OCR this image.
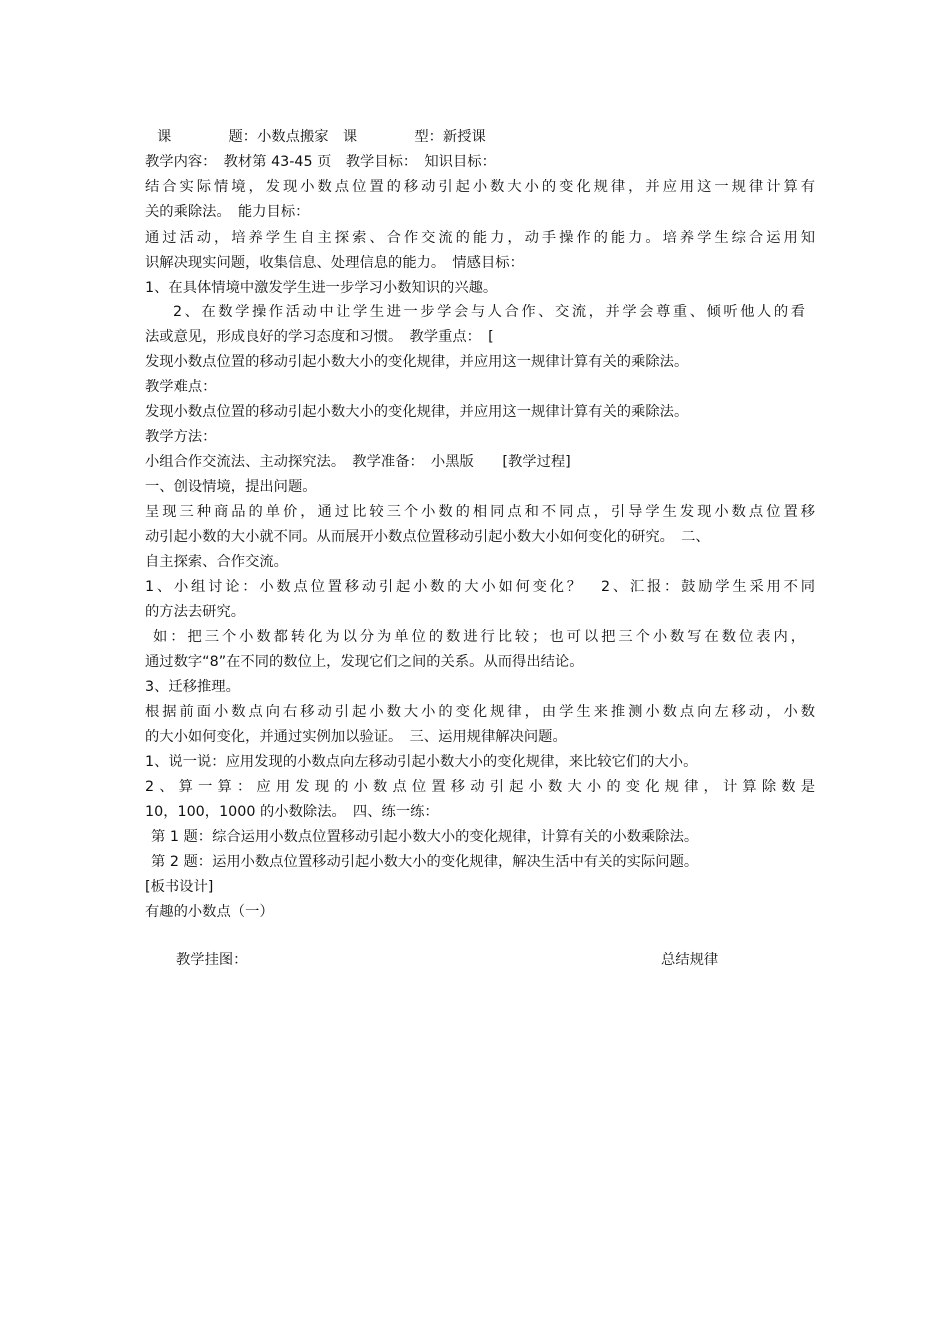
课　　　　题：小数点搬家　课　　　　型：新授课
教学内容：　教材第 43-45 页　教学目标：　知识目标：
结合实际情境，发现小数点位置的移动引起小数大小的变化规律，并应用这一规律计算有
关的乘除法。　能力目标：
通过活动，培养学生自主探索、合作交流的能力，动手操作的能力。培养学生综合运用知
识解决现实问题，收集信息、处理信息的能力。　情感目标：
1、在具体情境中激发学生进一步学习小数知识的兴趣。
2、在数学操作活动中让学生进一步学会与人合作、交流，并学会尊重、倾听他人的看
法或意见，形成良好的学习态度和习惯。　教学重点：　[
发现小数点位置的移动引起小数大小的变化规律，并应用这一规律计算有关的乘除法。
教学难点：
发现小数点位置的移动引起小数大小的变化规律，并应用这一规律计算有关的乘除法。
教学方法：
小组合作交流法、主动探究法。　教学准备：　小黑版　　[教学过程]
一、创设情境，提出问题。
呈现三种商品的单价，通过比较三个小数的相同点和不同点，引导学生发现小数点位置移
动引起小数的大小就不同。从而展开小数点位置移动引起小数大小如何变化的研究。　二、
自主探索、合作交流。
1、小组讨论：小数点位置移动引起小数的大小如何变化？　2、汇报：鼓励学生采用不同
的方法去研究。
如：把三个小数都转化为以分为单位的数进行比较；也可以把三个小数写在数位表内，
通过数字“8”在不同的数位上，发现它们之间的关系。从而得出结论。
3、迁移推理。
根据前面小数点向右移动引起小数大小的变化规律，由学生来推测小数点向左移动，小数
的大小如何变化，并通过实例加以验证。　三、运用规律解决问题。
1、说一说：应用发现的小数点向左移动引起小数大小的变化规律，来比较它们的大小。
2、算一算：应用发现的小数点位置移动引起小数大小的变化规律，计算除数是
10，100，1000 的小数除法。　四、练一练：
第 1 题：综合运用小数点位置移动引起小数大小的变化规律，计算有关的小数乘除法。
第 2 题：运用小数点位置移动引起小数大小的变化规律，解决生活中有关的实际问题。
[板书设计]
有趣的小数点（一）
教学挂图：	总结规律
